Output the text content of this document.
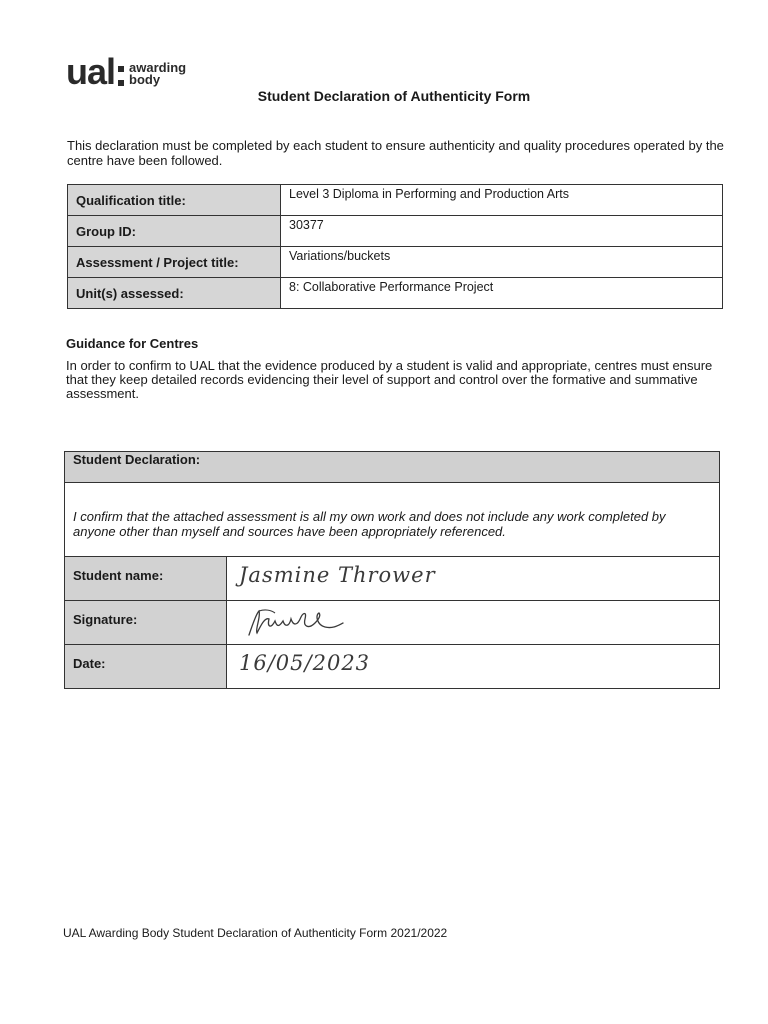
ual awarding
body
Student Declaration of Authenticity Form
This declaration must be completed by each student to ensure authenticity and quality procedures operated by the centre have been followed.
Qualification title:	Level 3 Diploma in Performing and Production Arts
Group ID:	30377
Assessment / Project title:	Variations/buckets
Unit(s) assessed:	8: Collaborative Performance Project
Guidance for Centres
In order to confirm to UAL that the evidence produced by a student is valid and appropriate, centres must ensure that they keep detailed records evidencing their level of support and control over the formative and summative assessment.
Student Declaration:
I confirm that the attached assessment is all my own work and does not include any work completed by anyone other than myself and sources have been appropriately referenced.
Student name:	Jasmine Thrower
Signature:
Date:	16/05/2023
UAL Awarding Body Student Declaration of Authenticity Form 2021/2022
